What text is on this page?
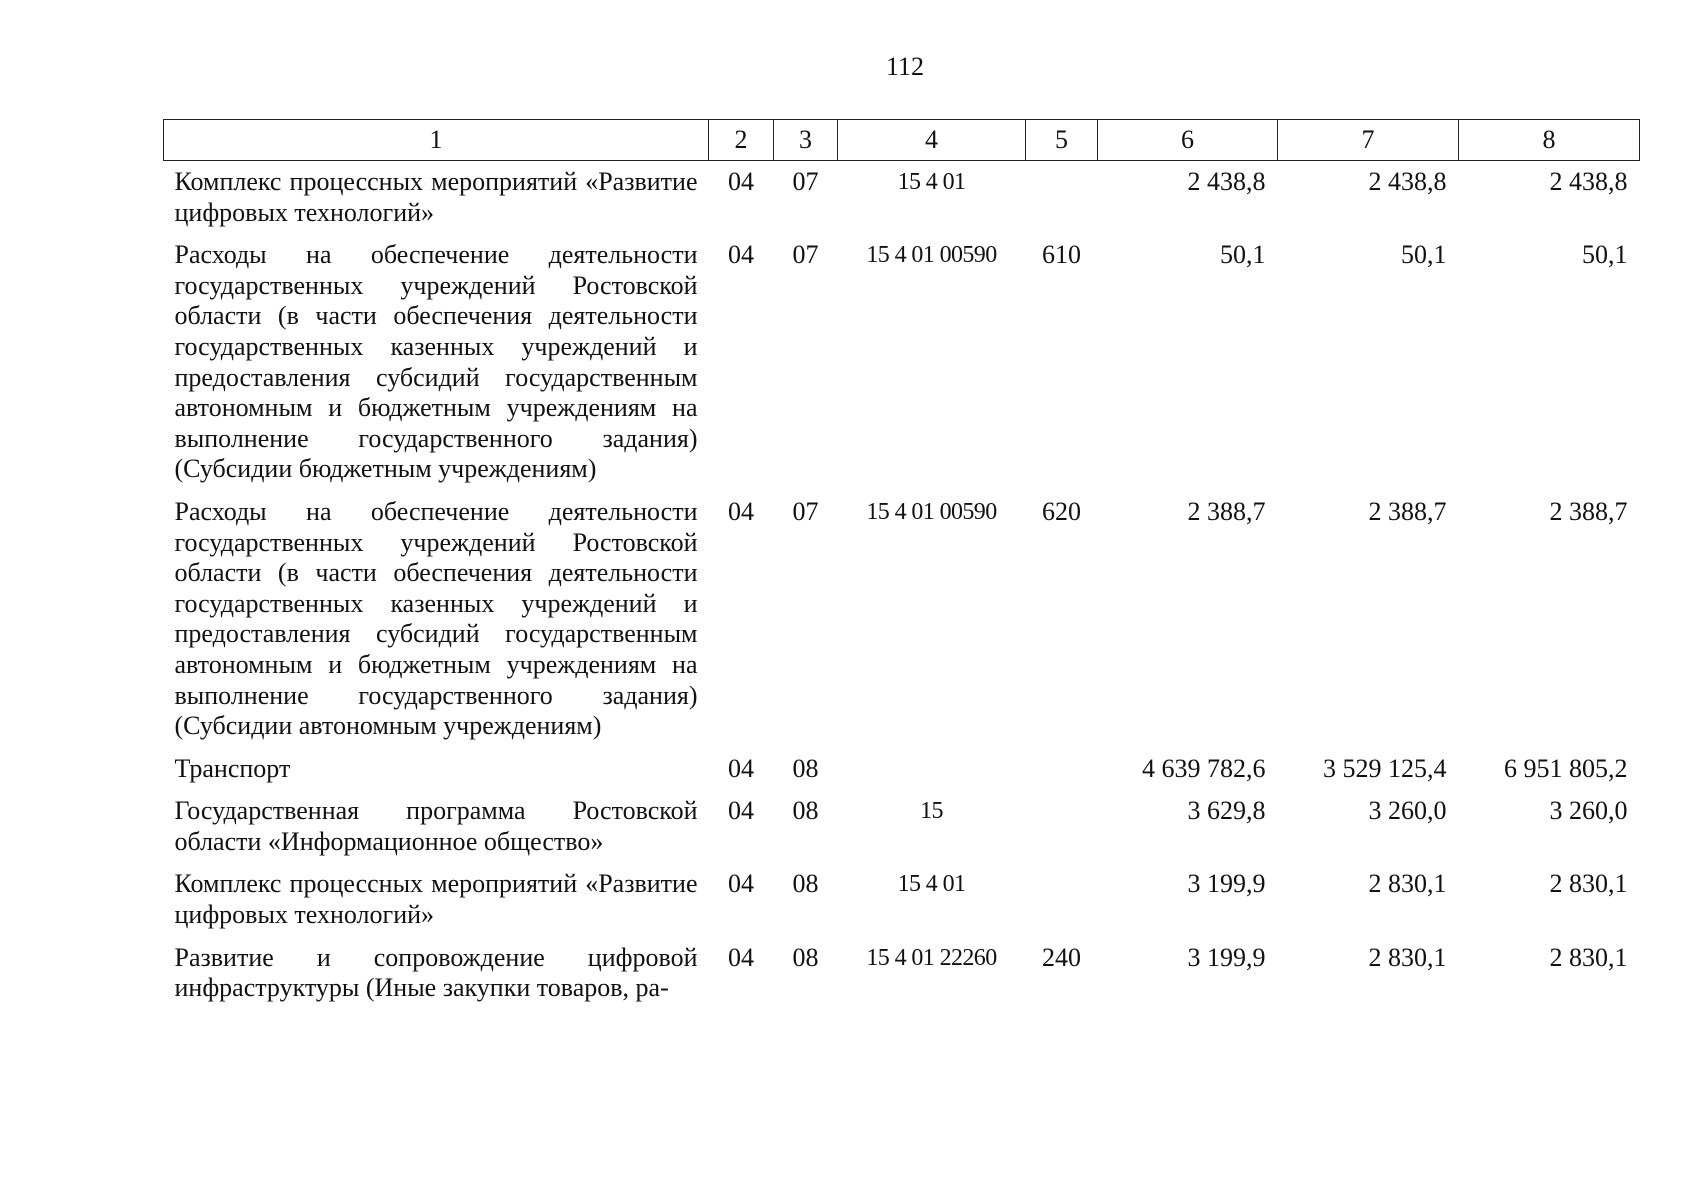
112
1	2	3	4	5	6	7	8
Комплекс процессных мероприятий «Развитие цифровых технологий»	04	07	15 4 01		2 438,8	2 438,8	2 438,8
Расходы на обеспечение деятельности государственных учреждений Ростовской области (в части обеспечения деятельности государственных казенных учреждений и предоставления субсидий государственным автономным и бюджетным учреждениям на выполнение государственного задания) (Субсидии бюджетным учреждениям)	04	07	15 4 01 00590	610	50,1	50,1	50,1
Расходы на обеспечение деятельности государственных учреждений Ростовской области (в части обеспечения деятельности государственных казенных учреждений и предоставления субсидий государственным автономным и бюджетным учреждениям на выполнение государственного задания) (Субсидии автономным учреждениям)	04	07	15 4 01 00590	620	2 388,7	2 388,7	2 388,7
Транспорт	04	08			4 639 782,6	3 529 125,4	6 951 805,2
Государственная программа Ростовской области «Информационное общество»	04	08	15		3 629,8	3 260,0	3 260,0
Комплекс процессных мероприятий «Развитие цифровых технологий»	04	08	15 4 01		3 199,9	2 830,1	2 830,1
Развитие и сопровождение цифровой инфраструктуры (Иные закупки товаров, ра-	04	08	15 4 01 22260	240	3 199,9	2 830,1	2 830,1
